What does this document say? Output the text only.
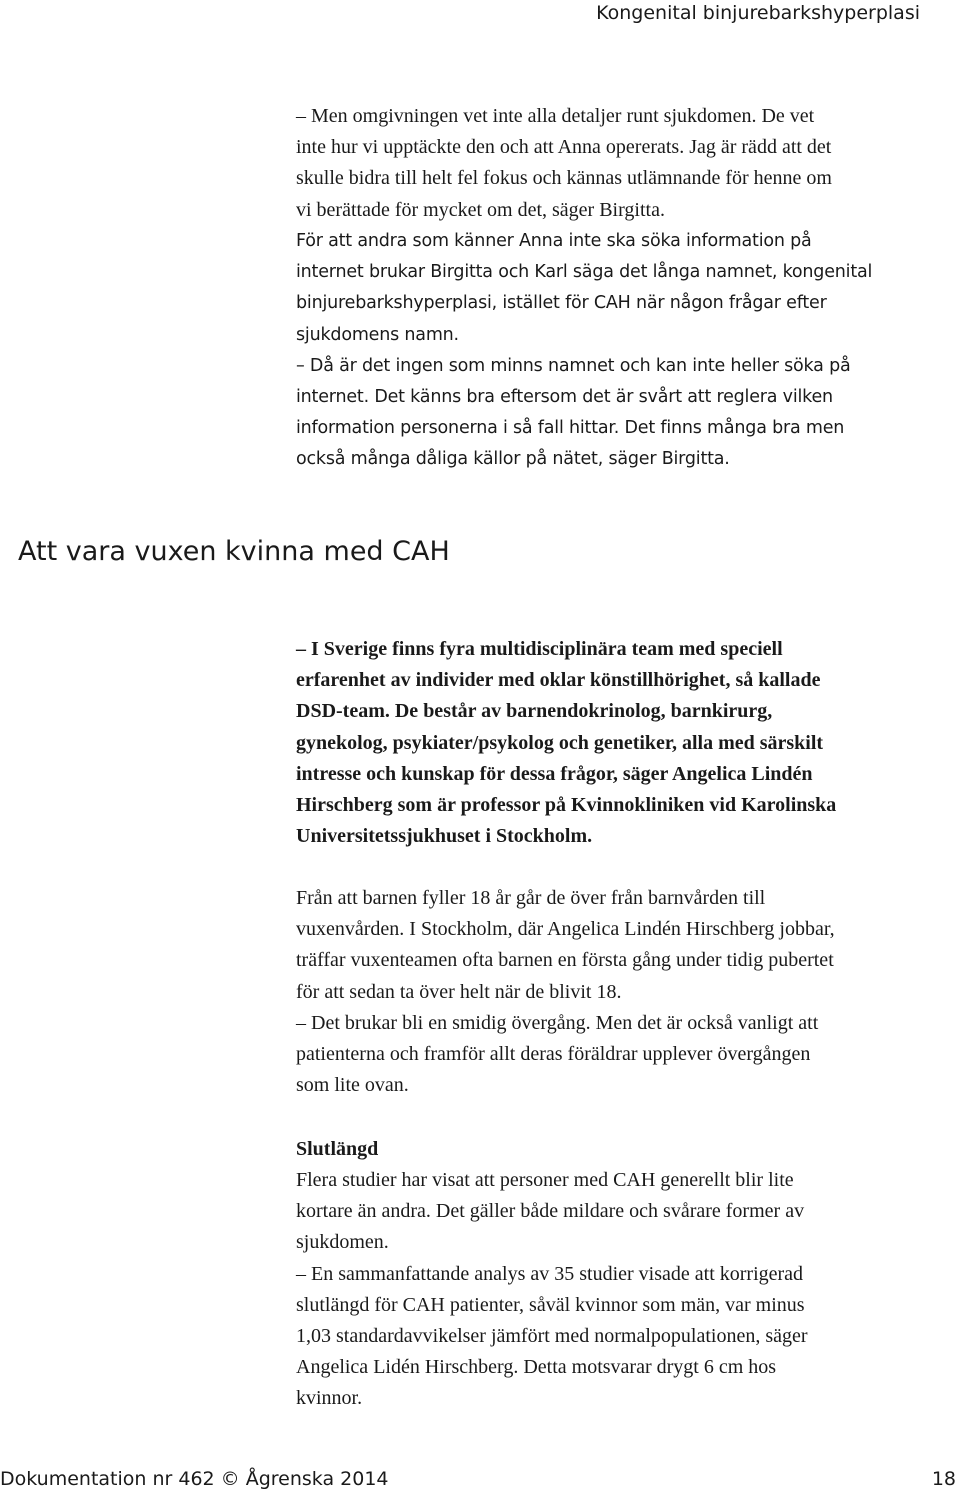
Kongenital binjurebarkshyperplasi

– Men omgivningen vet inte alla detaljer runt sjukdomen. De vet
inte hur vi upptäckte den och att Anna opererats. Jag är rädd att det
skulle bidra till helt fel fokus och kännas utlämnande för henne om
vi berättade för mycket om det, säger Birgitta.

För att andra som känner Anna inte ska söka information på
internet brukar Birgitta och Karl säga det långa namnet, kongenital
binjurebarkshyperplasi, istället för CAH när någon frågar efter
sjukdomens namn.
– Då är det ingen som minns namnet och kan inte heller söka på
internet. Det känns bra eftersom det är svårt att reglera vilken
information personerna i så fall hittar. Det finns många bra men
också många dåliga källor på nätet, säger Birgitta.

Att vara vuxen kvinna med CAH

– I Sverige finns fyra multidisciplinära team med speciell
erfarenhet av individer med oklar könstillhörighet, så kallade
DSD-team. De består av barnendokrinolog, barnkirurg,
gynekolog, psykiater/psykolog och genetiker, alla med särskilt
intresse och kunskap för dessa frågor, säger Angelica Lindén
Hirschberg som är professor på Kvinnokliniken vid Karolinska
Universitetssjukhuset i Stockholm.

Från att barnen fyller 18 år går de över från barnvården till
vuxenvården. I Stockholm, där Angelica Lindén Hirschberg jobbar,
träffar vuxenteamen ofta barnen en första gång under tidig pubertet
för att sedan ta över helt när de blivit 18.
– Det brukar bli en smidig övergång. Men det är också vanligt att
patienterna och framför allt deras föräldrar upplever övergången
som lite ovan.

Slutlängd

Flera studier har visat att personer med CAH generellt blir lite
kortare än andra. Det gäller både mildare och svårare former av
sjukdomen.
– En sammanfattande analys av 35 studier visade att korrigerad
slutlängd för CAH patienter, såväl kvinnor som män, var minus
1,03 standardavvikelser jämfört med normalpopulationen, säger
Angelica Lidén Hirschberg. Detta motsvarar drygt 6 cm hos
kvinnor.

Dokumentation nr 462 © Ågrenska 2014	18
